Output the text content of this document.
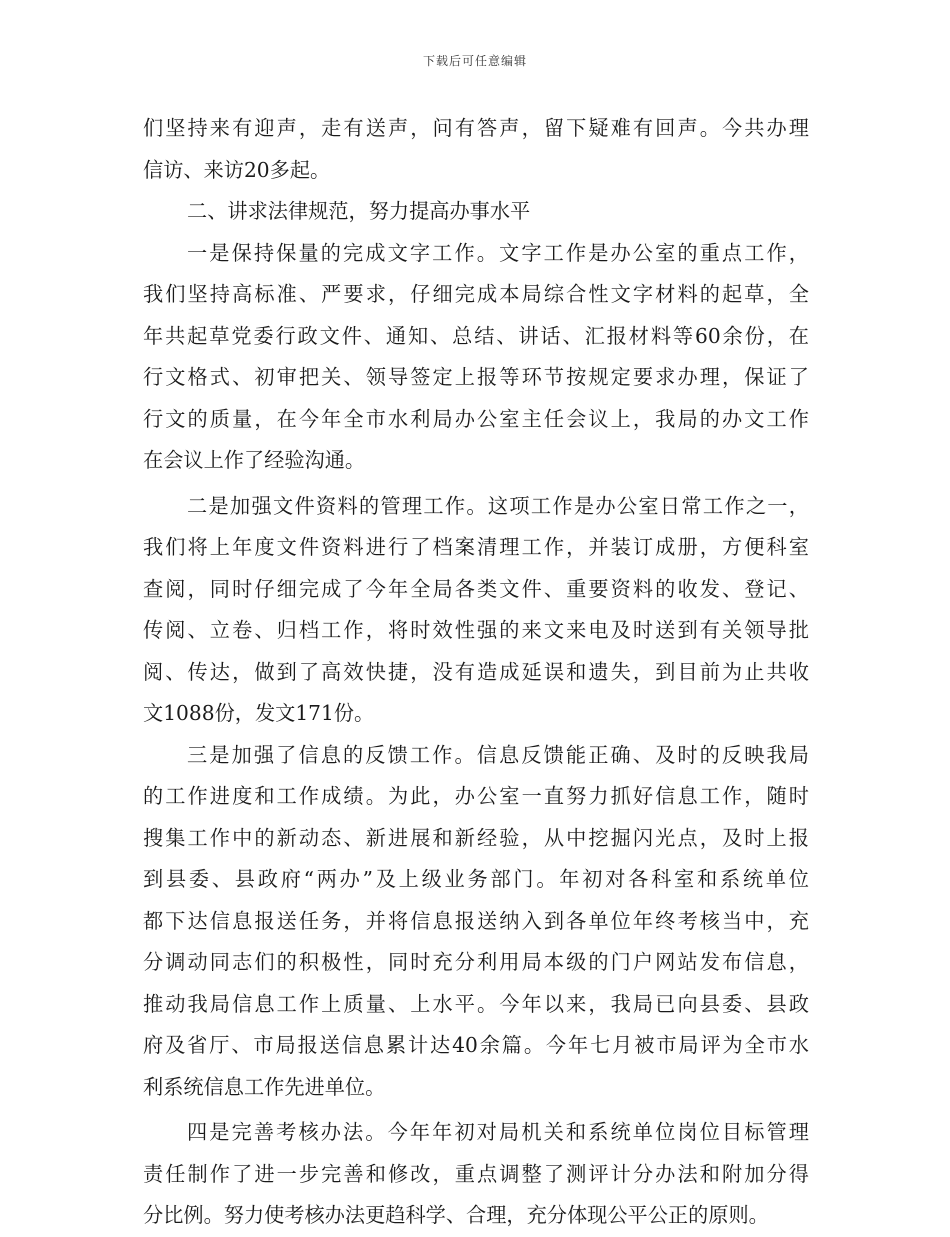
下载后可任意编辑
们坚持来有迎声，走有送声，问有答声，留下疑难有回声。今共办理
信访、来访20多起。
二、讲求法律规范，努力提高办事水平
一是保持保量的完成文字工作。文字工作是办公室的重点工作，
我们坚持高标准、严要求，仔细完成本局综合性文字材料的起草，全
年共起草党委行政文件、通知、总结、讲话、汇报材料等60余份，在
行文格式、初审把关、领导签定上报等环节按规定要求办理，保证了
行文的质量，在今年全市水利局办公室主任会议上，我局的办文工作
在会议上作了经验沟通。
二是加强文件资料的管理工作。这项工作是办公室日常工作之一，
我们将上年度文件资料进行了档案清理工作，并装订成册，方便科室
查阅，同时仔细完成了今年全局各类文件、重要资料的收发、登记、
传阅、立卷、归档工作，将时效性强的来文来电及时送到有关领导批
阅、传达，做到了高效快捷，没有造成延误和遗失，到目前为止共收
文1088份，发文171份。
三是加强了信息的反馈工作。信息反馈能正确、及时的反映我局
的工作进度和工作成绩。为此，办公室一直努力抓好信息工作，随时
搜集工作中的新动态、新进展和新经验，从中挖掘闪光点，及时上报
到县委、县政府“两办”及上级业务部门。年初对各科室和系统单位
都下达信息报送任务，并将信息报送纳入到各单位年终考核当中，充
分调动同志们的积极性，同时充分利用局本级的门户网站发布信息，
推动我局信息工作上质量、上水平。今年以来，我局已向县委、县政
府及省厅、市局报送信息累计达40余篇。今年七月被市局评为全市水
利系统信息工作先进单位。
四是完善考核办法。今年年初对局机关和系统单位岗位目标管理
责任制作了进一步完善和修改，重点调整了测评计分办法和附加分得
分比例。努力使考核办法更趋科学、合理，充分体现公平公正的原则。
